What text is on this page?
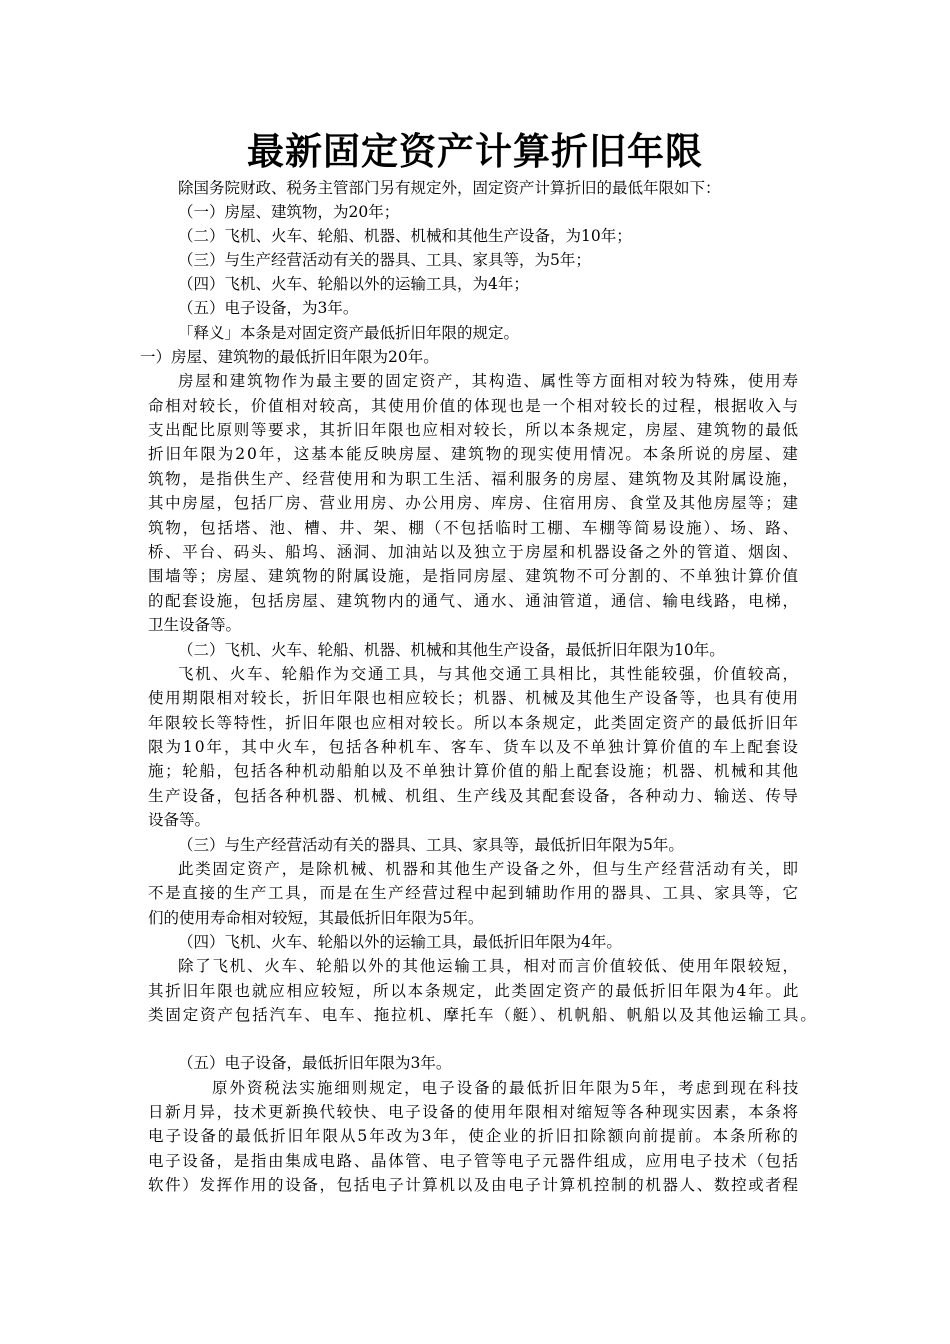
最新固定资产计算折旧年限
除国务院财政、税务主管部门另有规定外，固定资产计算折旧的最低年限如下：
（一）房屋、建筑物，为20年；
（二）飞机、火车、轮船、机器、机械和其他生产设备，为10年；
（三）与生产经营活动有关的器具、工具、家具等，为5年；
（四）飞机、火车、轮船以外的运输工具，为4年；
（五）电子设备，为3年。
「释义」本条是对固定资产最低折旧年限的规定。
一）房屋、建筑物的最低折旧年限为20年。
房屋和建筑物作为最主要的固定资产，其构造、属性等方面相对较为特殊，使用寿
命相对较长，价值相对较高，其使用价值的体现也是一个相对较长的过程，根据收入与
支出配比原则等要求，其折旧年限也应相对较长，所以本条规定，房屋、建筑物的最低
折旧年限为20年，这基本能反映房屋、建筑物的现实使用情况。本条所说的房屋、建
筑物，是指供生产、经营使用和为职工生活、福利服务的房屋、建筑物及其附属设施，
其中房屋，包括厂房、营业用房、办公用房、库房、住宿用房、食堂及其他房屋等；建
筑物，包括塔、池、槽、井、架、棚（不包括临时工棚、车棚等简易设施）、场、路、
桥、平台、码头、船坞、涵洞、加油站以及独立于房屋和机器设备之外的管道、烟囱、
围墙等；房屋、建筑物的附属设施，是指同房屋、建筑物不可分割的、不单独计算价值
的配套设施，包括房屋、建筑物内的通气、通水、通油管道，通信、输电线路，电梯，
卫生设备等。
（二）飞机、火车、轮船、机器、机械和其他生产设备，最低折旧年限为10年。
飞机、火车、轮船作为交通工具，与其他交通工具相比，其性能较强，价值较高，
使用期限相对较长，折旧年限也相应较长；机器、机械及其他生产设备等，也具有使用
年限较长等特性，折旧年限也应相对较长。所以本条规定，此类固定资产的最低折旧年
限为10年，其中火车，包括各种机车、客车、货车以及不单独计算价值的车上配套设
施；轮船，包括各种机动船舶以及不单独计算价值的船上配套设施；机器、机械和其他
生产设备，包括各种机器、机械、机组、生产线及其配套设备，各种动力、输送、传导
设备等。
（三）与生产经营活动有关的器具、工具、家具等，最低折旧年限为5年。
此类固定资产，是除机械、机器和其他生产设备之外，但与生产经营活动有关，即
不是直接的生产工具，而是在生产经营过程中起到辅助作用的器具、工具、家具等，它
们的使用寿命相对较短，其最低折旧年限为5年。
（四）飞机、火车、轮船以外的运输工具，最低折旧年限为4年。
除了飞机、火车、轮船以外的其他运输工具，相对而言价值较低、使用年限较短，
其折旧年限也就应相应较短，所以本条规定，此类固定资产的最低折旧年限为4年。此
类固定资产包括汽车、电车、拖拉机、摩托车（艇）、机帆船、帆船以及其他运输工具。
（五）电子设备，最低折旧年限为3年。
原外资税法实施细则规定，电子设备的最低折旧年限为5年，考虑到现在科技
日新月异，技术更新换代较快、电子设备的使用年限相对缩短等各种现实因素，本条将
电子设备的最低折旧年限从5年改为3年，使企业的折旧扣除额向前提前。本条所称的
电子设备，是指由集成电路、晶体管、电子管等电子元器件组成，应用电子技术（包括
软件）发挥作用的设备，包括电子计算机以及由电子计算机控制的机器人、数控或者程
